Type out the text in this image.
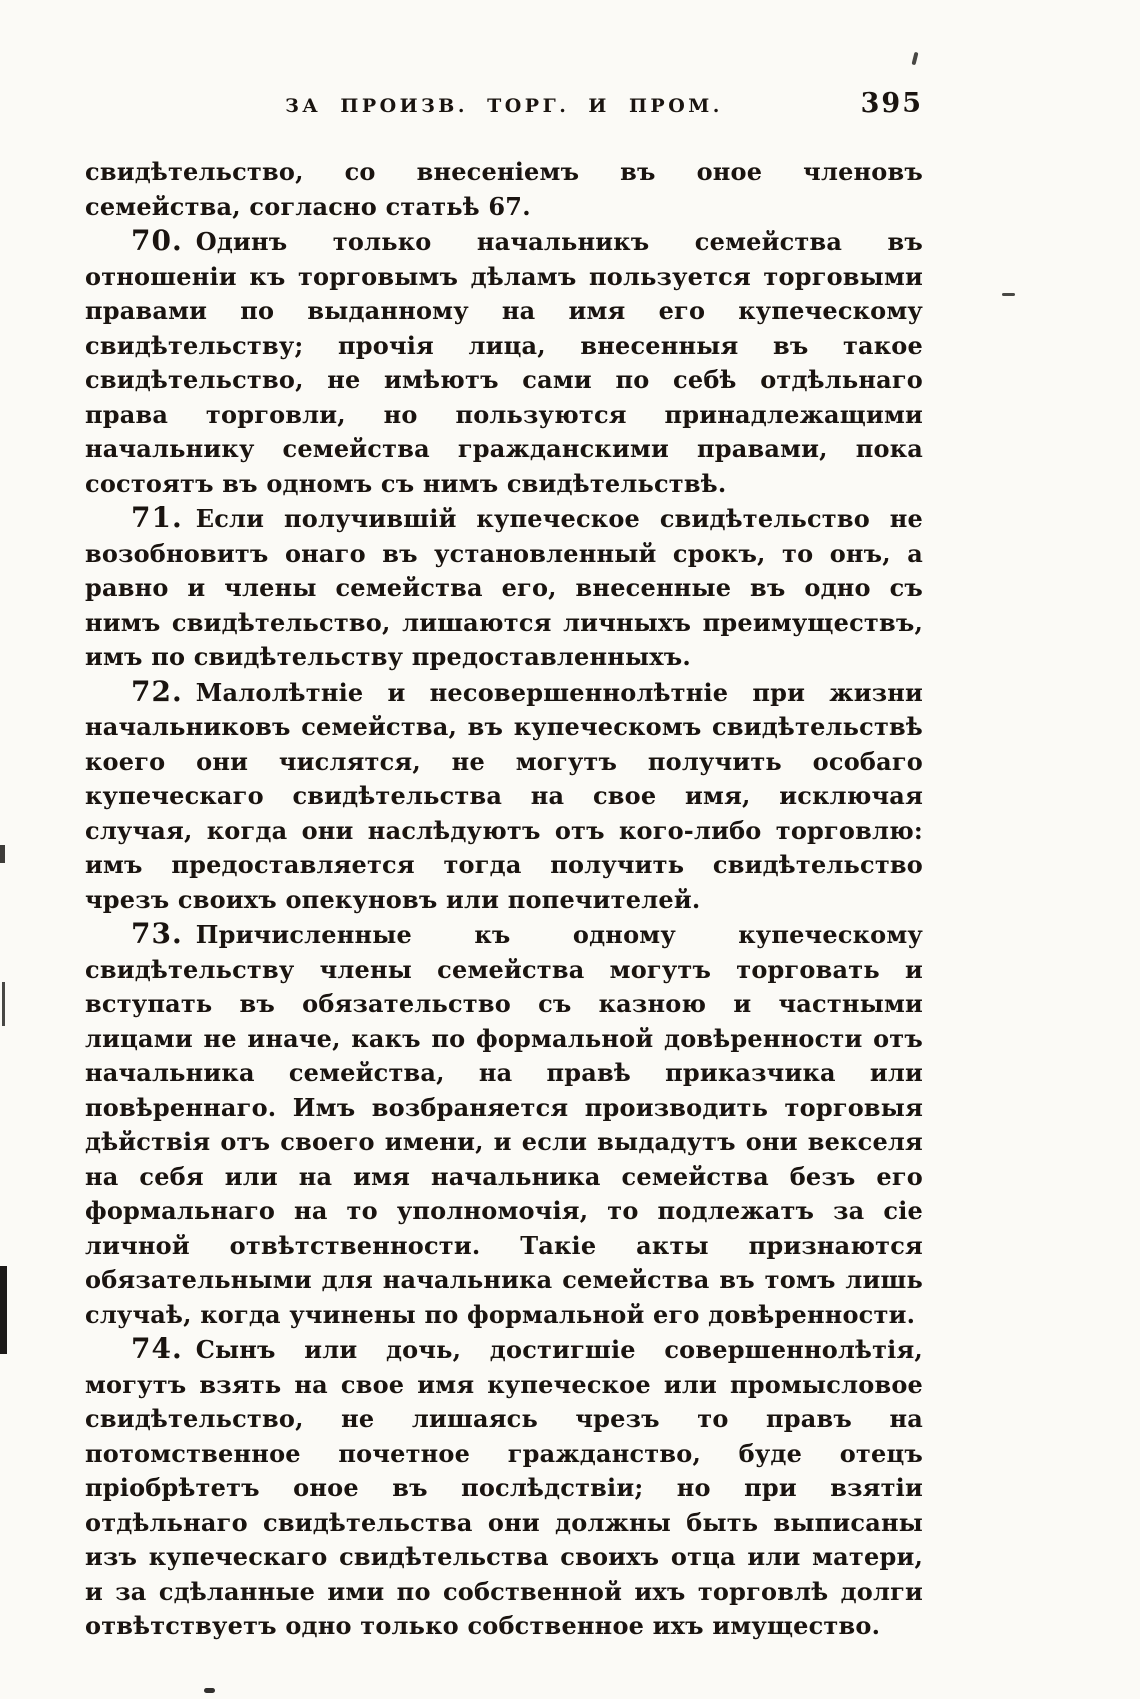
ЗА ПРОИЗВ. ТОРГ. И ПРОМ.	395

свидѣтельство, со внесеніемъ въ оное членовъ семейства, согласно статьѣ 67.

70. Одинъ только начальникъ семейства въ отношеніи къ торговымъ дѣламъ пользуется торговыми правами по выданному на имя его купеческому свидѣтельству; прочія лица, внесенныя въ такое свидѣтельство, не имѣютъ сами по себѣ отдѣльнаго права торговли, но пользуются принадлежащими начальнику семейства гражданскими правами, пока состоятъ въ одномъ съ нимъ свидѣтельствѣ.

71. Если получившій купеческое свидѣтельство не возобновитъ онаго въ установленный срокъ, то онъ, а равно и члены семейства его, внесенные въ одно съ нимъ свидѣтельство, лишаются личныхъ преимуществъ, имъ по свидѣтельству предоставленныхъ.

72. Малолѣтніе и несовершеннолѣтніе при жизни начальниковъ семейства, въ купеческомъ свидѣтельствѣ коего они числятся, не могутъ получить особаго купеческаго свидѣтельства на свое имя, исключая случая, когда они наслѣдуютъ отъ кого-либо торговлю: имъ предоставляется тогда получить свидѣтельство чрезъ своихъ опекуновъ или попечителей.

73. Причисленные къ одному купеческому свидѣтельству члены семейства могутъ торговать и вступать въ обязательство съ казною и частными лицами не иначе, какъ по формальной довѣренности отъ начальника семейства, на правѣ приказчика или повѣреннаго. Имъ возбраняется производить торговыя дѣйствія отъ своего имени, и если выдадутъ они векселя на себя или на имя начальника семейства безъ его формальнаго на то уполномочія, то подлежатъ за сіе личной отвѣтственности. Такіе акты признаются обязательными для начальника семейства въ томъ лишь случаѣ, когда учинены по формальной его довѣренности.

74. Сынъ или дочь, достигшіе совершеннолѣтія, могутъ взять на свое имя купеческое или промысловое свидѣтельство, не лишаясь чрезъ то правъ на потомственное почетное гражданство, буде отецъ пріобрѣтетъ оное въ послѣдствіи; но при взятіи отдѣльнаго свидѣтельства они должны быть выписаны изъ купеческаго свидѣтельства своихъ отца или матери, и за сдѣланные ими по собственной ихъ торговлѣ долги отвѣтствуетъ одно только собственное ихъ имущество.
